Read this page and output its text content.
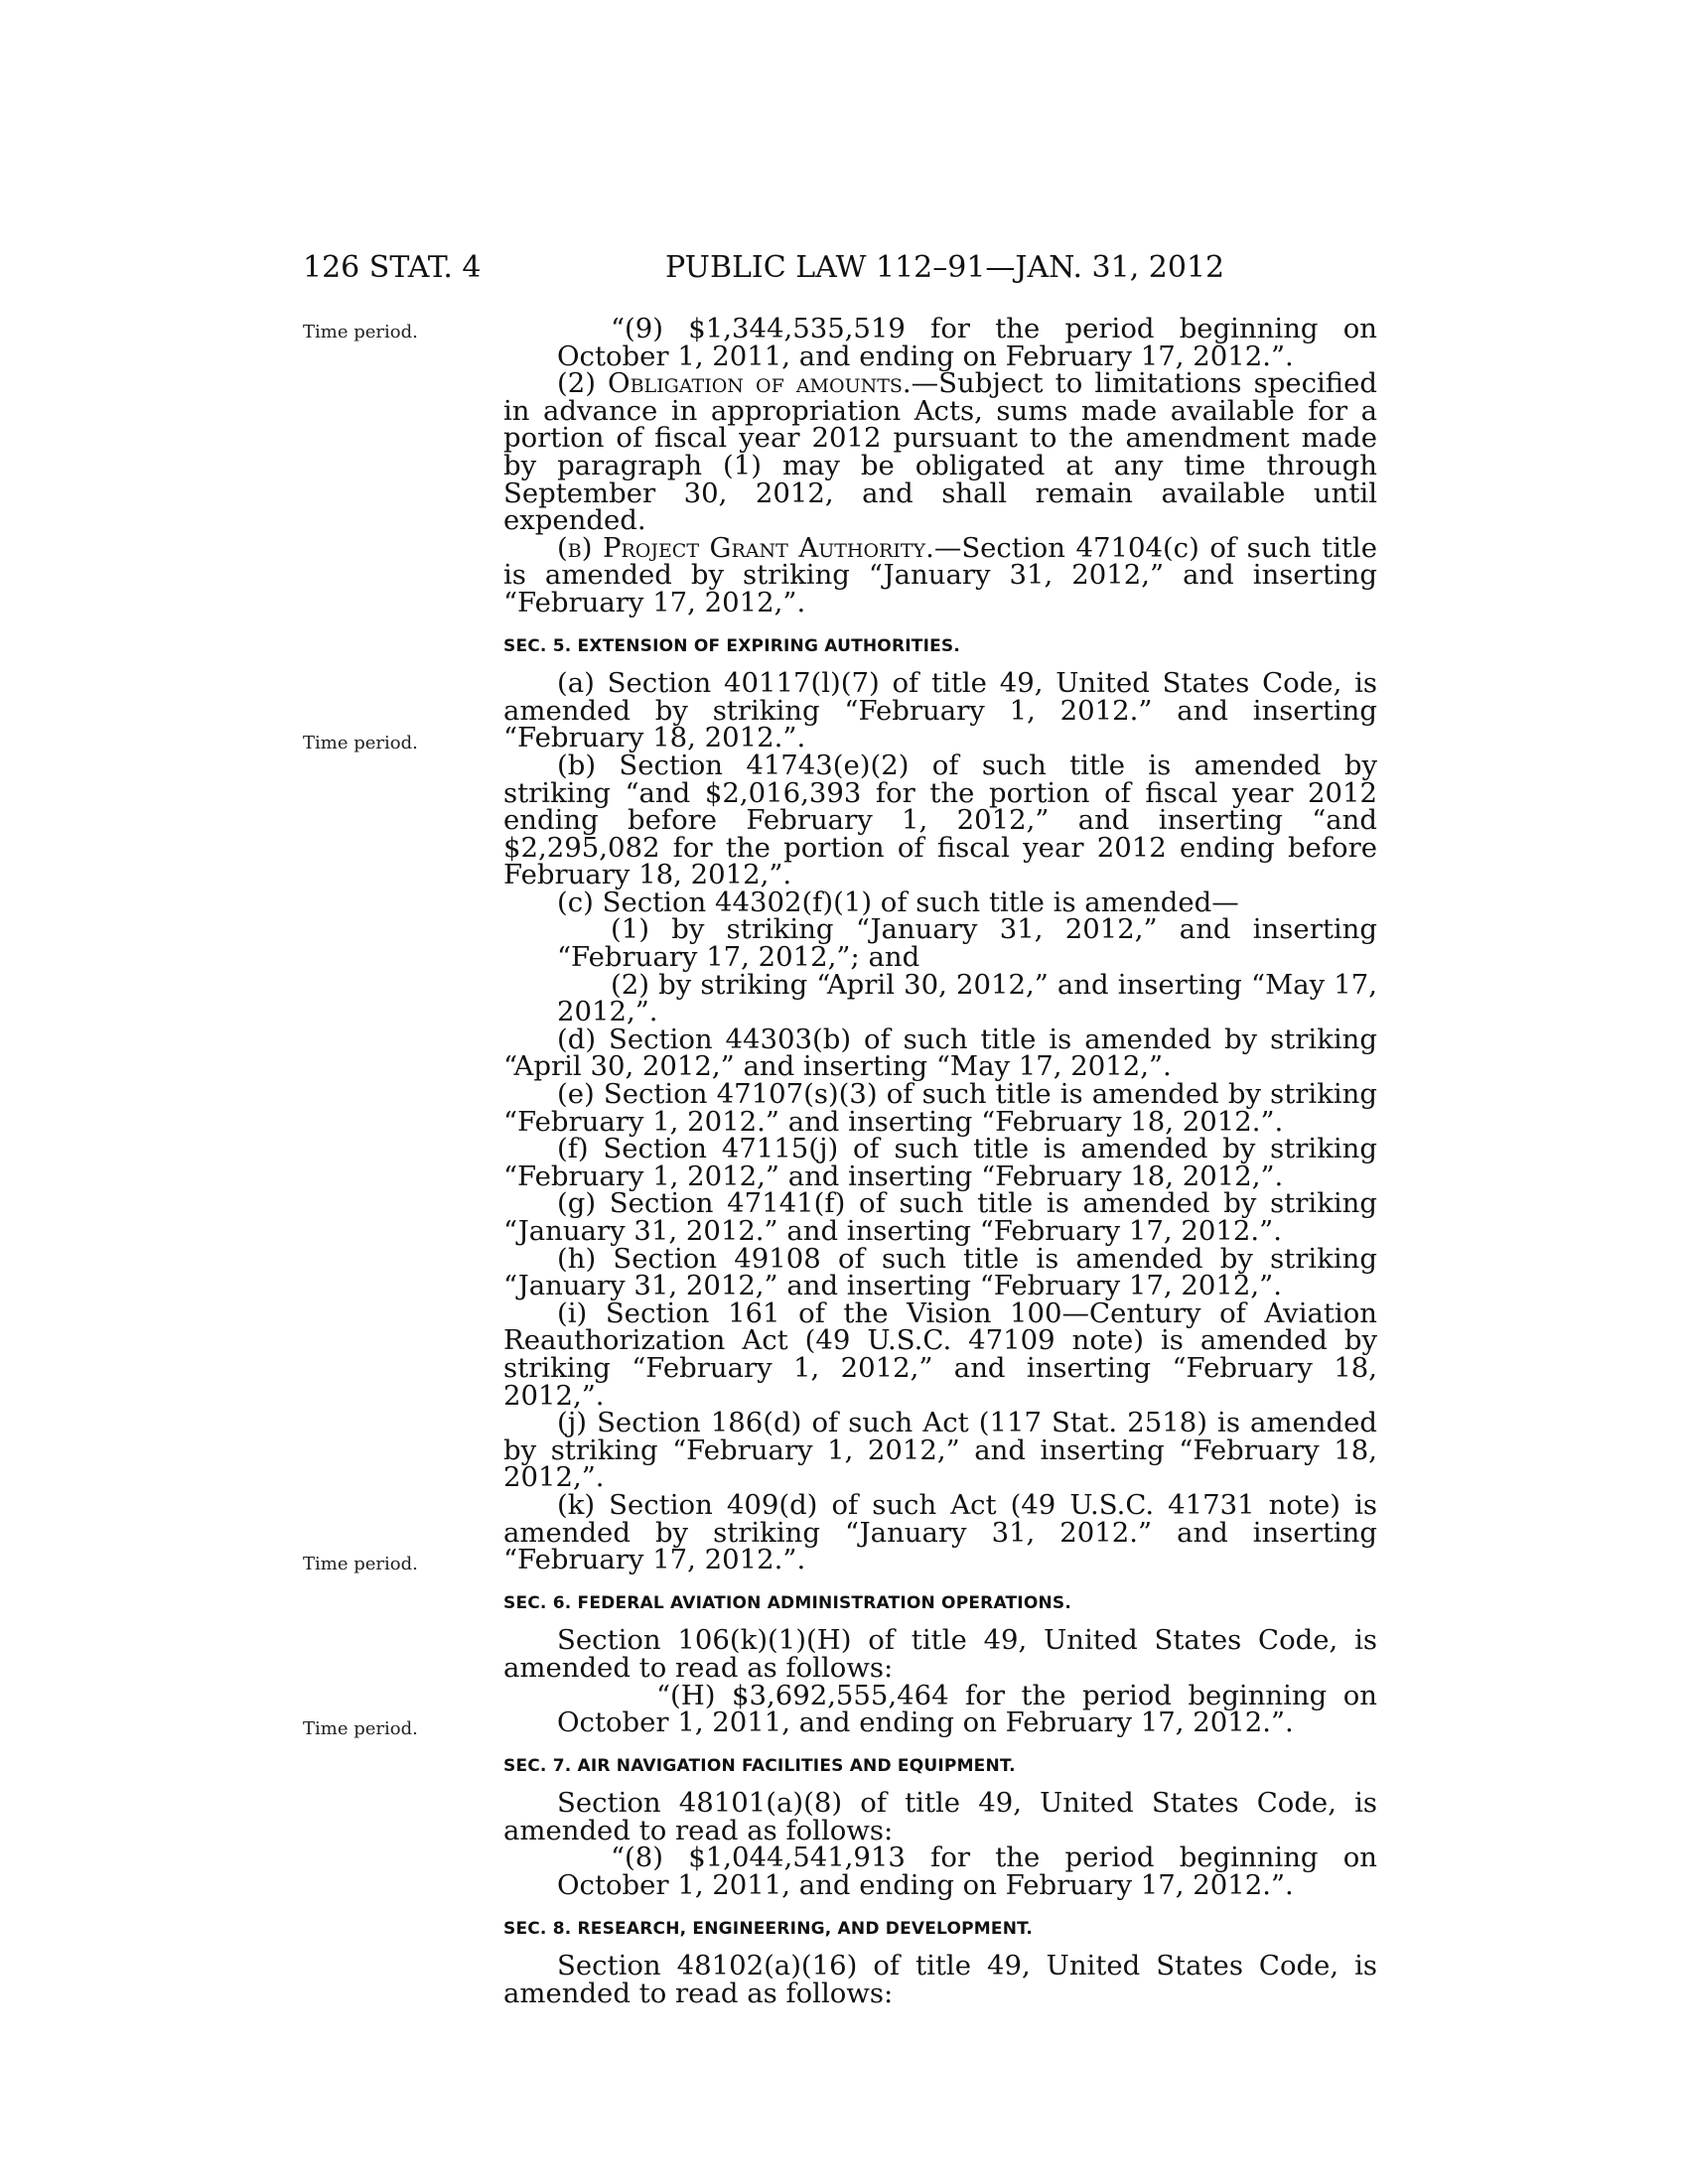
126 STAT. 4	PUBLIC LAW 112–91—JAN. 31, 2012
Time period.
Time period.
Time period.
Time period.

“(9) $1,344,535,519 for the period beginning on October 1, 2011, and ending on February 17, 2012.”.

(2) Obligation of amounts.—Subject to limitations specified in advance in appropriation Acts, sums made available for a portion of fiscal year 2012 pursuant to the amendment made by paragraph (1) may be obligated at any time through September 30, 2012, and shall remain available until expended.

(b) Project Grant Authority.—Section 47104(c) of such title is amended by striking “January 31, 2012,” and inserting “February 17, 2012,”.

SEC. 5. EXTENSION OF EXPIRING AUTHORITIES.

(a) Section 40117(l)(7) of title 49, United States Code, is amended by striking “February 1, 2012.” and inserting “February 18, 2012.”.

(b) Section 41743(e)(2) of such title is amended by striking “and $2,016,393 for the portion of fiscal year 2012 ending before February 1, 2012,” and inserting “and $2,295,082 for the portion of fiscal year 2012 ending before February 18, 2012,”.

(c) Section 44302(f)(1) of such title is amended—

(1) by striking “January 31, 2012,” and inserting “February 17, 2012,”; and

(2) by striking “April 30, 2012,” and inserting “May 17, 2012,”.

(d) Section 44303(b) of such title is amended by striking “April 30, 2012,” and inserting “May 17, 2012,”.

(e) Section 47107(s)(3) of such title is amended by striking “February 1, 2012.” and inserting “February 18, 2012.”.

(f) Section 47115(j) of such title is amended by striking “February 1, 2012,” and inserting “February 18, 2012,”.

(g) Section 47141(f) of such title is amended by striking “January 31, 2012.” and inserting “February 17, 2012.”.

(h) Section 49108 of such title is amended by striking “January 31, 2012,” and inserting “February 17, 2012,”.

(i) Section 161 of the Vision 100—Century of Aviation Reauthorization Act (49 U.S.C. 47109 note) is amended by striking “February 1, 2012,” and inserting “February 18, 2012,”.

(j) Section 186(d) of such Act (117 Stat. 2518) is amended by striking “February 1, 2012,” and inserting “February 18, 2012,”.

(k) Section 409(d) of such Act (49 U.S.C. 41731 note) is amended by striking “January 31, 2012.” and inserting “February 17, 2012.”.

SEC. 6. FEDERAL AVIATION ADMINISTRATION OPERATIONS.

Section 106(k)(1)(H) of title 49, United States Code, is amended to read as follows:

“(H) $3,692,555,464 for the period beginning on October 1, 2011, and ending on February 17, 2012.”.

SEC. 7. AIR NAVIGATION FACILITIES AND EQUIPMENT.

Section 48101(a)(8) of title 49, United States Code, is amended to read as follows:

“(8) $1,044,541,913 for the period beginning on October 1, 2011, and ending on February 17, 2012.”.

SEC. 8. RESEARCH, ENGINEERING, AND DEVELOPMENT.

Section 48102(a)(16) of title 49, United States Code, is amended to read as follows:
